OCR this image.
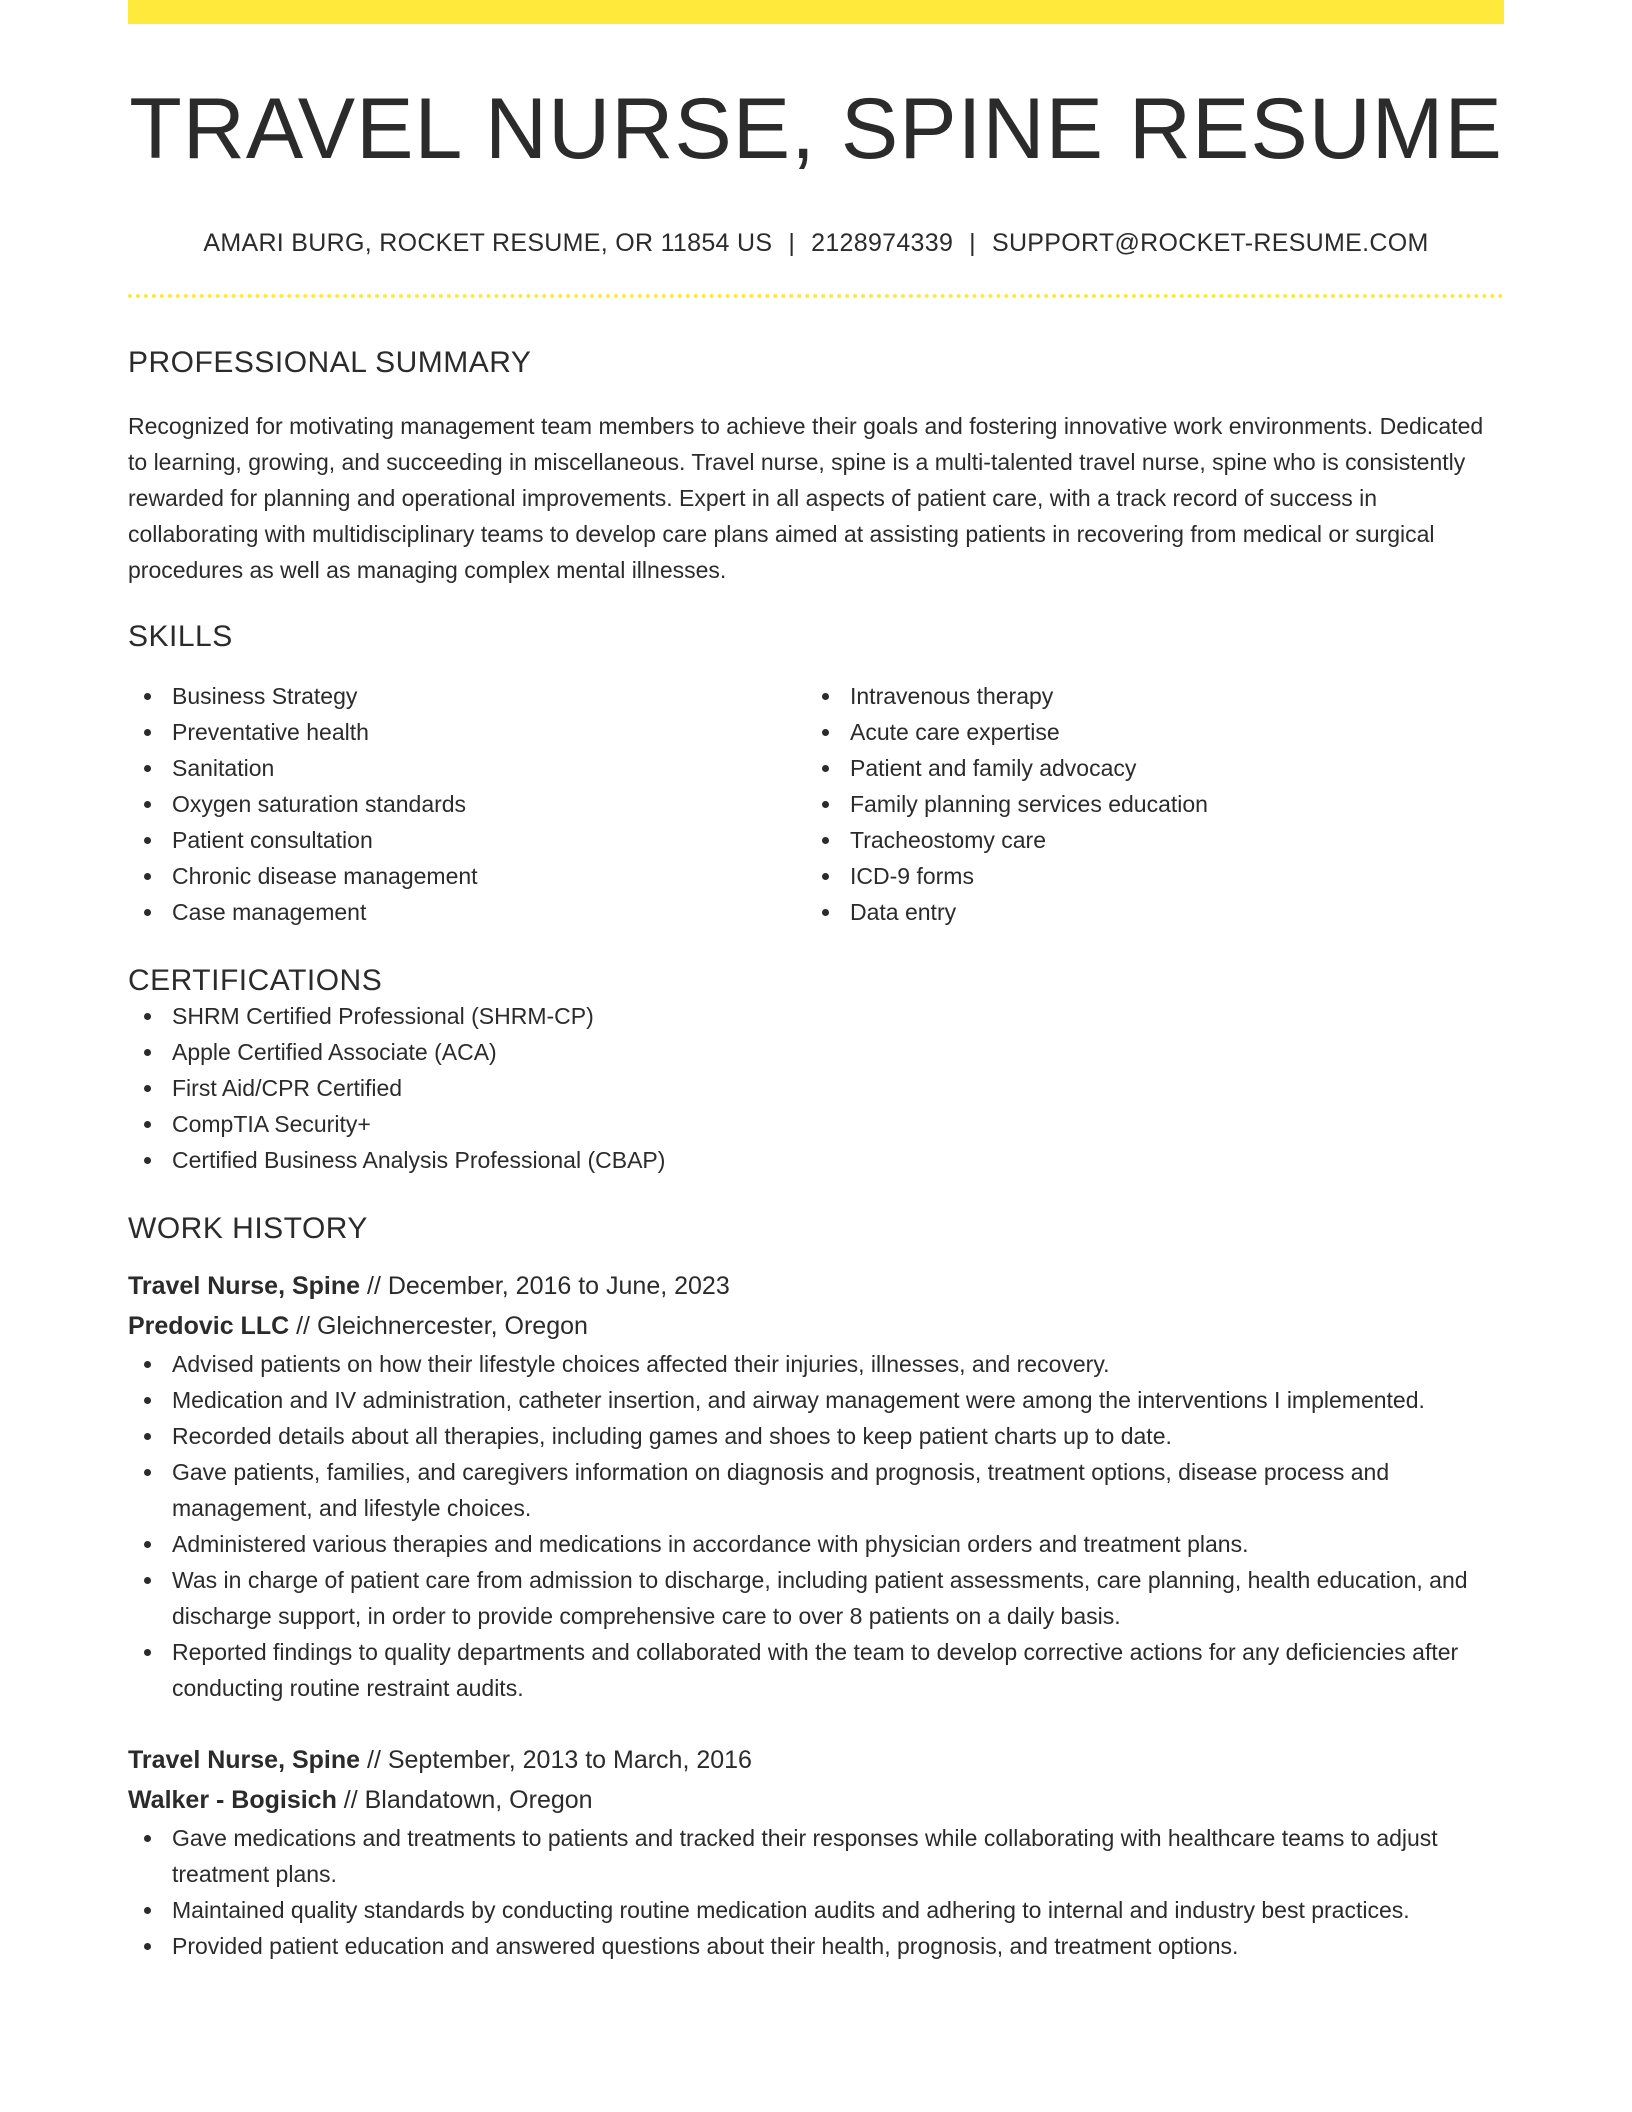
TRAVEL NURSE, SPINE RESUME
AMARI BURG, ROCKET RESUME, OR 11854 US | 2128974339 | SUPPORT@ROCKET-RESUME.COM
PROFESSIONAL SUMMARY

Recognized for motivating management team members to achieve their goals and fostering innovative work environments. Dedicated to learning, growing, and succeeding in miscellaneous. Travel nurse, spine is a multi-talented travel nurse, spine who is consistently rewarded for planning and operational improvements. Expert in all aspects of patient care, with a track record of success in collaborating with multidisciplinary teams to develop care plans aimed at assisting patients in recovering from medical or surgical procedures as well as managing complex mental illnesses.

SKILLS
Business Strategy
Preventative health
Sanitation
Oxygen saturation standards
Patient consultation
Chronic disease management
Case management
Intravenous therapy
Acute care expertise
Patient and family advocacy
Family planning services education
Tracheostomy care
ICD-9 forms
Data entry
CERTIFICATIONS
SHRM Certified Professional (SHRM-CP)
Apple Certified Associate (ACA)
First Aid/CPR Certified
CompTIA Security+
Certified Business Analysis Professional (CBAP)
WORK HISTORY
Travel Nurse, Spine // December, 2016 to June, 2023
Predovic LLC // Gleichnercester, Oregon
Advised patients on how their lifestyle choices affected their injuries, illnesses, and recovery.
Medication and IV administration, catheter insertion, and airway management were among the interventions I implemented.
Recorded details about all therapies, including games and shoes to keep patient charts up to date.
Gave patients, families, and caregivers information on diagnosis and prognosis, treatment options, disease process and management, and lifestyle choices.
Administered various therapies and medications in accordance with physician orders and treatment plans.
Was in charge of patient care from admission to discharge, including patient assessments, care planning, health education, and discharge support, in order to provide comprehensive care to over 8 patients on a daily basis.
Reported findings to quality departments and collaborated with the team to develop corrective actions for any deficiencies after conducting routine restraint audits.
Travel Nurse, Spine // September, 2013 to March, 2016
Walker - Bogisich // Blandatown, Oregon
Gave medications and treatments to patients and tracked their responses while collaborating with healthcare teams to adjust treatment plans.
Maintained quality standards by conducting routine medication audits and adhering to internal and industry best practices.
Provided patient education and answered questions about their health, prognosis, and treatment options.
